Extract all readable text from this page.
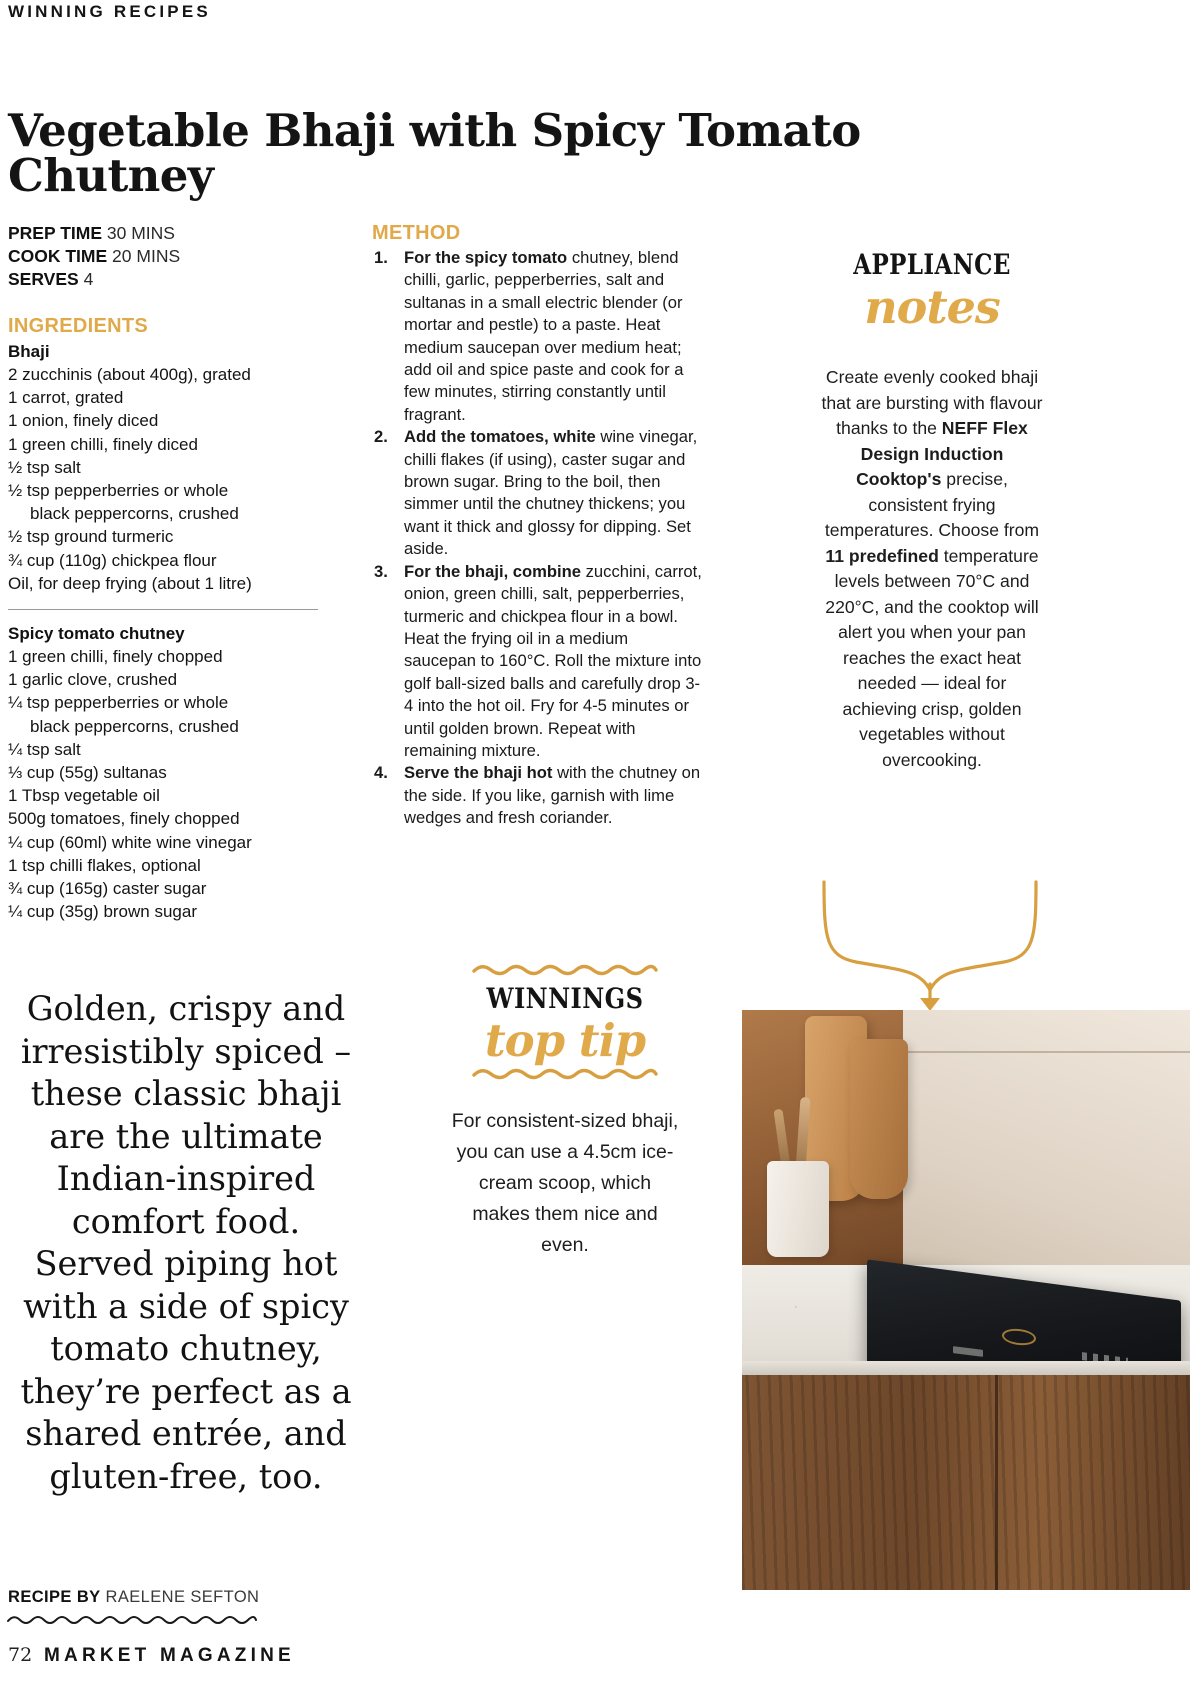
WINNING RECIPES
Vegetable Bhaji with Spicy Tomato Chutney
PREP TIME 30 MINS
COOK TIME 20 MINS
SERVES 4
INGREDIENTS
Bhaji
2 zucchinis (about 400g), grated
1 carrot, grated
1 onion, finely diced
1 green chilli, finely diced
½ tsp salt
½ tsp pepperberries or whole
black peppercorns, crushed
½ tsp ground turmeric
¾ cup (110g) chickpea flour
Oil, for deep frying (about 1 litre)
Spicy tomato chutney
1 green chilli, finely chopped
1 garlic clove, crushed
¼ tsp pepperberries or whole
black peppercorns, crushed
¼ tsp salt
⅓ cup (55g) sultanas
1 Tbsp vegetable oil
500g tomatoes, finely chopped
¼ cup (60ml) white wine vinegar
1 tsp chilli flakes, optional
¾ cup (165g) caster sugar
¼ cup (35g) brown sugar
METHOD
1. For the spicy tomato chutney, blend chilli, garlic, pepperberries, salt and sultanas in a small electric blender (or mortar and pestle) to a paste. Heat medium saucepan over medium heat; add oil and spice paste and cook for a few minutes, stirring constantly until fragrant.
2. Add the tomatoes, white wine vinegar, chilli flakes (if using), caster sugar and brown sugar. Bring to the boil, then simmer until the chutney thickens; you want it thick and glossy for dipping. Set aside.
3. For the bhaji, combine zucchini, carrot, onion, green chilli, salt, pepperberries, turmeric and chickpea flour in a bowl. Heat the frying oil in a medium saucepan to 160°C. Roll the mixture into golf ball-sized balls and carefully drop 3-4 into the hot oil. Fry for 4-5 minutes or until golden brown. Repeat with remaining mixture.
4. Serve the bhaji hot with the chutney on the side. If you like, garnish with lime wedges and fresh coriander.
APPLIANCE
notes
Create evenly cooked bhaji that are bursting with flavour thanks to the NEFF Flex Design Induction Cooktop's precise, consistent frying temperatures. Choose from 11 predefined temperature levels between 70°C and 220°C, and the cooktop will alert you when your pan reaches the exact heat needed — ideal for achieving crisp, golden vegetables without overcooking.
Golden, crispy and irresistibly spiced – these classic bhaji are the ultimate Indian-inspired comfort food. Served piping hot with a side of spicy tomato chutney, they’re perfect as a shared entrée, and gluten-free, too.
WINNINGS
top tip
For consistent-sized bhaji, you can use a 4.5cm ice-cream scoop, which makes them nice and even.
RECIPE BY RAELENE SEFTON
72 MARKET MAGAZINE
